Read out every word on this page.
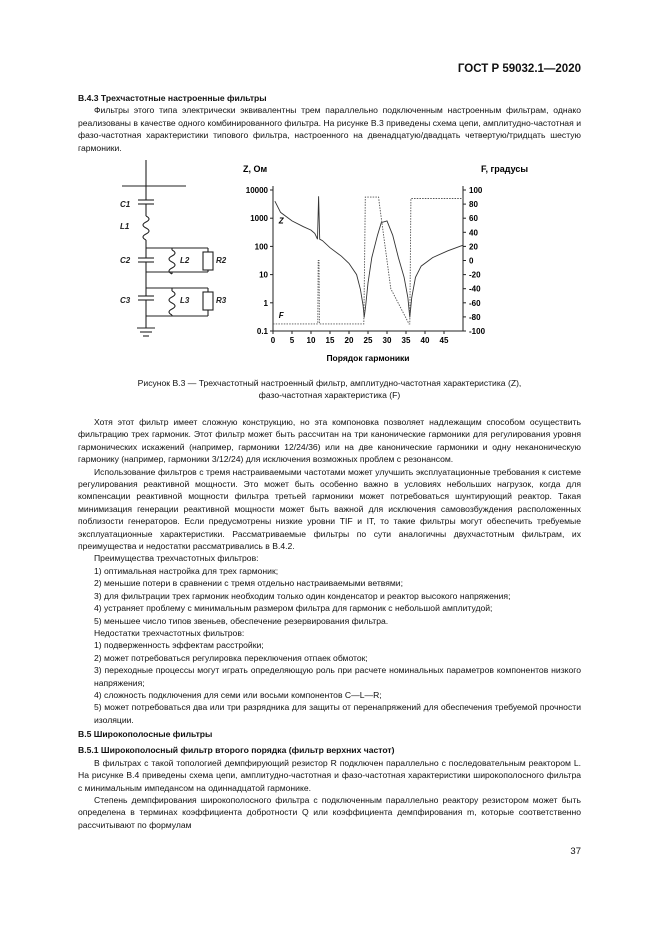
ГОСТ Р 59032.1—2020

B.4.3 Трехчастотные настроенные фильтры

Фильтры этого типа электрически эквивалентны трем параллельно подключенным настроенным фильтрам, однако реализованы в качестве одного комбинированного фильтра. На рисунке В.3 приведены схема цепи, амплитудно-частотная и фазо-частотная характеристики типового фильтра, настроенного на двенадцатую/двадцать четвертую/тридцать шестую гармоники.

C1
L1
C2	L2	R2
C3	L3	R3
0 5 10 15 20 25 30 35 40 45
10000
1000
100
10
1
0.1
100
80
60
40
20
0
-20
-40
-60
-80
-100
Z, Ом	F, градусы
Порядок гармоники
Z
F
Рисунок В.3 — Трехчастотный настроенный фильтр, амплитудно-частотная характеристика (Z),
фазо-частотная характеристика (F)

Хотя этот фильтр имеет сложную конструкцию, но эта компоновка позволяет надлежащим способом осуществить фильтрацию трех гармоник. Этот фильтр может быть рассчитан на три канонические гармоники для регулирования уровня гармонических искажений (например, гармоники 12/24/36) или на две канонические гармоники и одну неканоническую гармонику (например, гармоники 3/12/24) для исключения возможных проблем с резонансом.

Использование фильтров с тремя настраиваемыми частотами может улучшить эксплуатационные требования к системе регулирования реактивной мощности. Это может быть особенно важно в условиях небольших нагрузок, когда для компенсации реактивной мощности фильтра третьей гармоники может потребоваться шунтирующий реактор. Такая минимизация генерации реактивной мощности может быть важной для исключения самовозбуждения расположенных поблизости генераторов. Если предусмотрены низкие уровни TIF и IT, то такие фильтры могут обеспечить требуемые эксплуатационные характеристики. Рассматриваемые фильтры по сути аналогичны двухчастотным фильтрам, их преимущества и недостатки рассматривались в В.4.2.

Преимущества трехчастотных фильтров:

1) оптимальная настройка для трех гармоник;

2) меньшие потери в сравнении с тремя отдельно настраиваемыми ветвями;

3) для фильтрации трех гармоник необходим только один конденсатор и реактор высокого напряжения;

4) устраняет проблему с минимальным размером фильтра для гармоник с небольшой амплитудой;

5) меньшее число типов звеньев, обеспечение резервирования фильтра.

Недостатки трехчастотных фильтров:

1) подверженность эффектам расстройки;

2) может потребоваться регулировка переключения отпаек обмоток;

3) переходные процессы могут играть определяющую роль при расчете номинальных параметров компонентов низкого напряжения;

4) сложность подключения для семи или восьми компонентов C—L—R;

5) может потребоваться два или три разрядника для защиты от перенапряжений для обеспечения требуемой прочности изоляции.

B.5 Широкополосные фильтры

B.5.1 Широкополосный фильтр второго порядка (фильтр верхних частот)

В фильтрах с такой топологией демпфирующий резистор R подключен параллельно с последовательным реактором L. На рисунке В.4 приведены схема цепи, амплитудно-частотная и фазо-частотная характеристики широкополосного фильтра с минимальным импедансом на одиннадцатой гармонике.

Степень демпфирования широкополосного фильтра с подключенным параллельно реактору резистором может быть определена в терминах коэффициента добротности Q или коэффициента демпфирования m, которые соответственно рассчитывают по формулам

37
